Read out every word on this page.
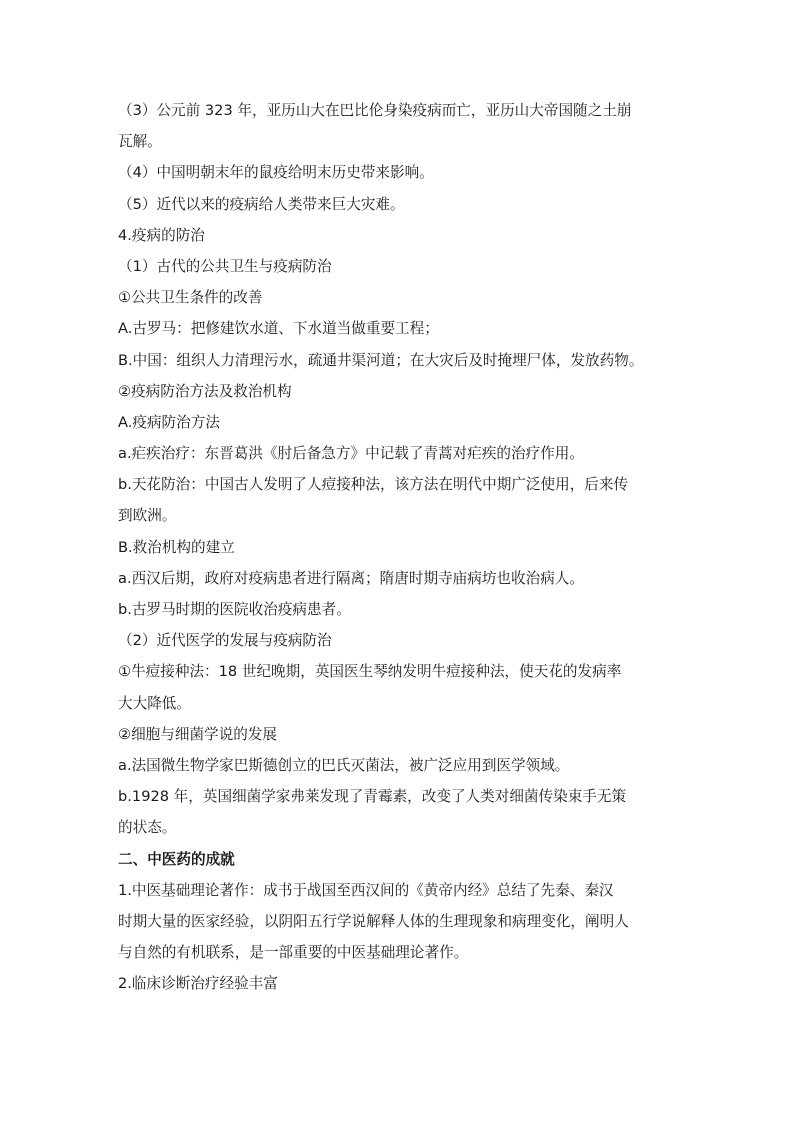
（3）公元前 323 年，亚历山大在巴比伦身染疫病而亡，亚历山大帝国随之土崩
瓦解。
（4）中国明朝末年的鼠疫给明末历史带来影响。
（5）近代以来的疫病给人类带来巨大灾难。
4.疫病的防治
（1）古代的公共卫生与疫病防治
①公共卫生条件的改善
A.古罗马：把修建饮水道、下水道当做重要工程；
B.中国：组织人力清理污水，疏通井渠河道；在大灾后及时掩埋尸体，发放药物。
②疫病防治方法及救治机构
A.疫病防治方法
a.疟疾治疗：东晋葛洪《肘后备急方》中记载了青蒿对疟疾的治疗作用。
b.天花防治：中国古人发明了人痘接种法，该方法在明代中期广泛使用，后来传
到欧洲。
B.救治机构的建立
a.西汉后期，政府对疫病患者进行隔离；隋唐时期寺庙病坊也收治病人。
b.古罗马时期的医院收治疫病患者。
（2）近代医学的发展与疫病防治
①牛痘接种法：18 世纪晚期，英国医生琴纳发明牛痘接种法，使天花的发病率
大大降低。
②细胞与细菌学说的发展
a.法国微生物学家巴斯德创立的巴氏灭菌法，被广泛应用到医学领域。
b.1928 年，英国细菌学家弗莱发现了青霉素，改变了人类对细菌传染束手无策
的状态。
二、中医药的成就
1.中医基础理论著作：成书于战国至西汉间的《黄帝内经》总结了先秦、秦汉
时期大量的医家经验，以阴阳五行学说解释人体的生理现象和病理变化，阐明人
与自然的有机联系，是一部重要的中医基础理论著作。
2.临床诊断治疗经验丰富
